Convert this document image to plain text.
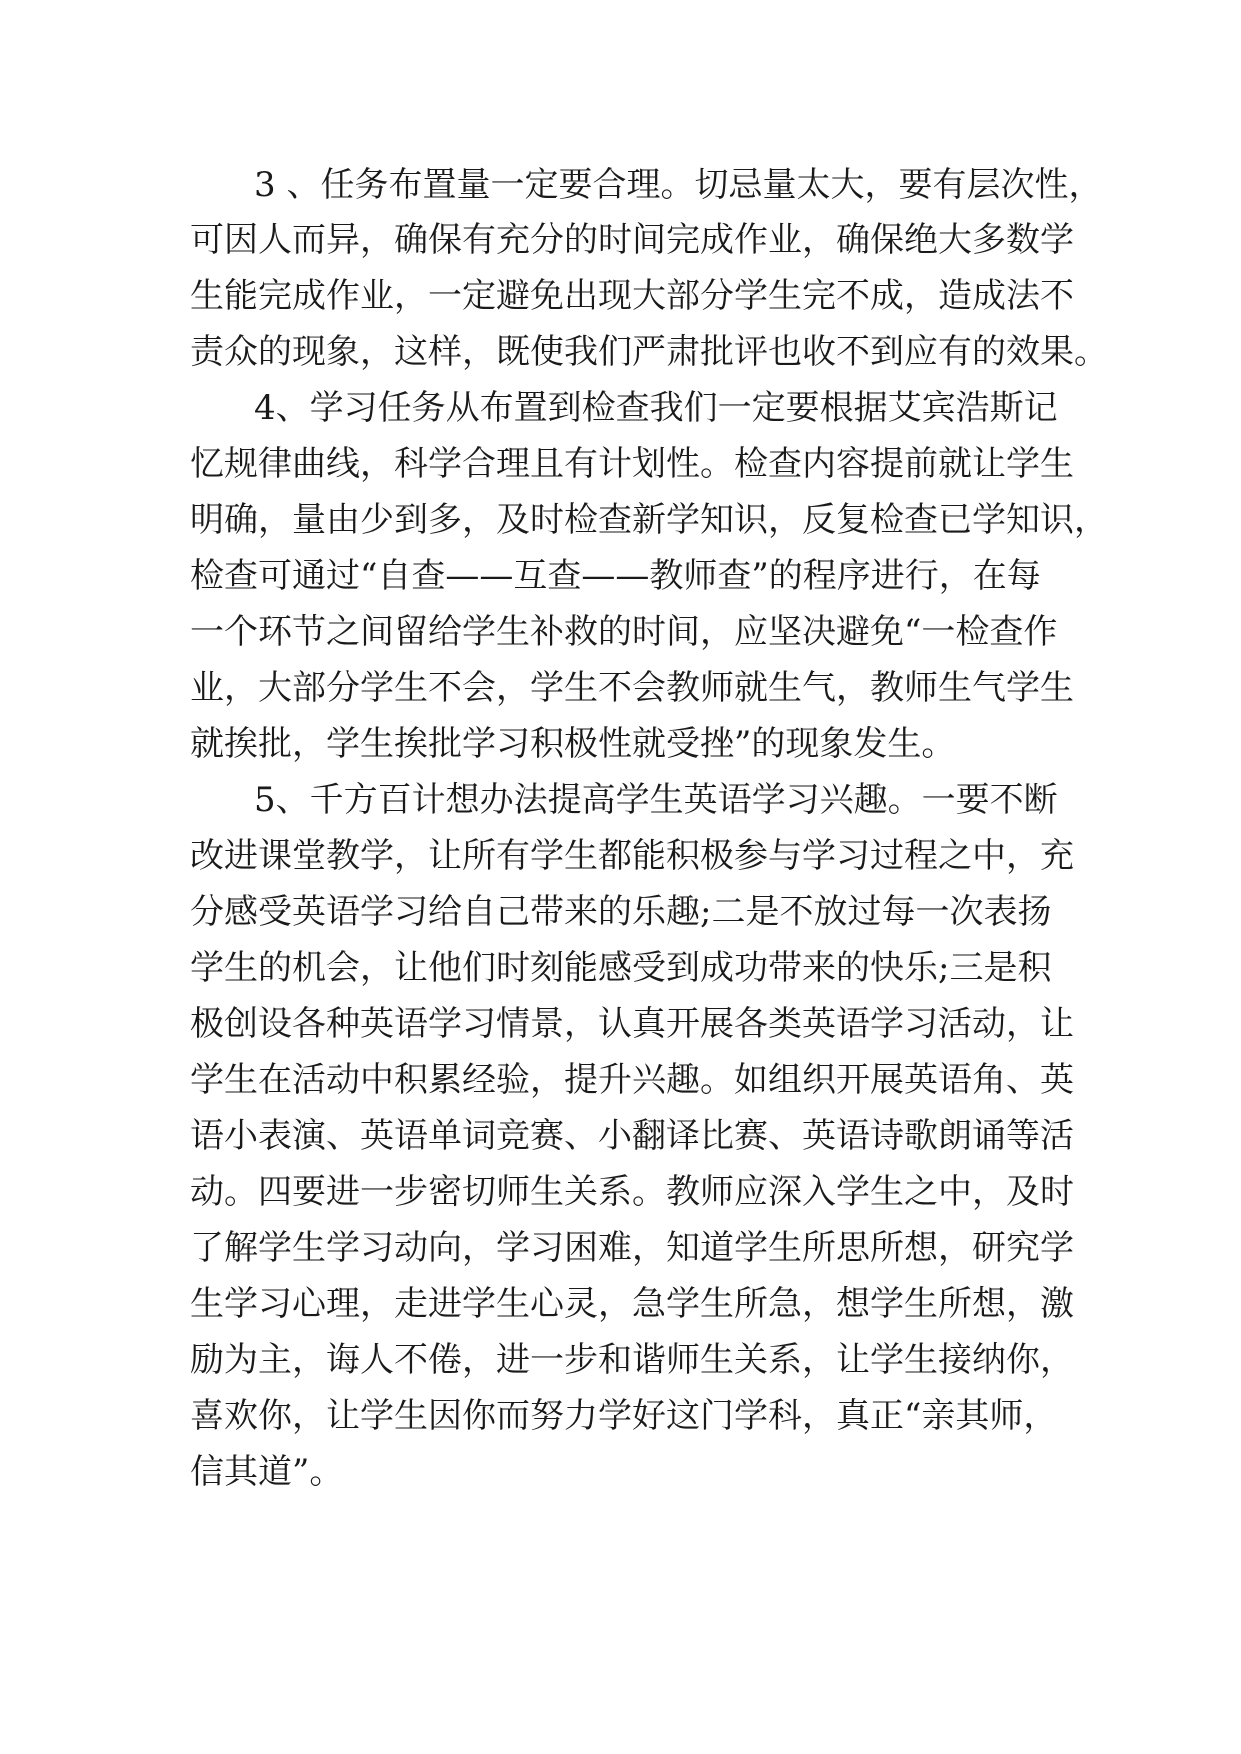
3 、任务布置量一定要合理。切忌量太大，要有层次性，
可因人而异，确保有充分的时间完成作业，确保绝大多数学
生能完成作业，一定避免出现大部分学生完不成，造成法不
责众的现象，这样，既使我们严肃批评也收不到应有的效果。
4、学习任务从布置到检查我们一定要根据艾宾浩斯记
忆规律曲线，科学合理且有计划性。检查内容提前就让学生
明确，量由少到多，及时检查新学知识，反复检查已学知识，
检查可通过“自查——互查——教师查”的程序进行，在每
一个环节之间留给学生补救的时间，应坚决避免“一检查作
业，大部分学生不会，学生不会教师就生气，教师生气学生
就挨批，学生挨批学习积极性就受挫”的现象发生。
5、千方百计想办法提高学生英语学习兴趣。一要不断
改进课堂教学，让所有学生都能积极参与学习过程之中，充
分感受英语学习给自己带来的乐趣;二是不放过每一次表扬
学生的机会，让他们时刻能感受到成功带来的快乐;三是积
极创设各种英语学习情景，认真开展各类英语学习活动，让
学生在活动中积累经验，提升兴趣。如组织开展英语角、英
语小表演、英语单词竞赛、小翻译比赛、英语诗歌朗诵等活
动。四要进一步密切师生关系。教师应深入学生之中，及时
了解学生学习动向，学习困难，知道学生所思所想，研究学
生学习心理，走进学生心灵，急学生所急，想学生所想，激
励为主，诲人不倦，进一步和谐师生关系，让学生接纳你，
喜欢你，让学生因你而努力学好这门学科，真正“亲其师，
信其道”。
